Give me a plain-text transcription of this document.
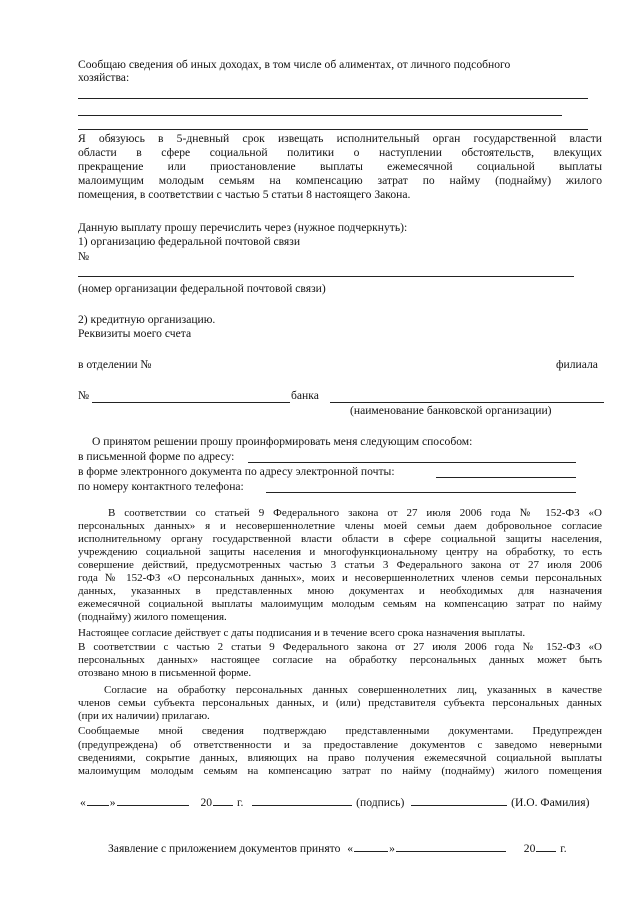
Сообщаю сведения об иных доходах, в том числе об алиментах, от личного подсобного
хозяйства:
Я обязуюсь в 5-дневный срок извещать исполнительный орган государственной власти
области в сфере социальной политики о наступлении обстоятельств, влекущих
прекращение или приостановление выплаты ежемесячной социальной выплаты
малоимущим молодым семьям на компенсацию затрат по найму (поднайму) жилого
помещения, в соответствии с частью 5 статьи 8 настоящего Закона.
Данную выплату прошу перечислить через (нужное подчеркнуть):
1) организацию федеральной почтовой связи
№
(номер организации федеральной почтовой связи)
2) кредитную организацию.
Реквизиты моего счета
в отделении №	филиала
№	банка
(наименование банковской организации)
О принятом решении прошу проинформировать меня следующим способом:
в письменной форме по адресу:
в форме электронного документа по адресу электронной почты:
по номеру контактного телефона:
В соответствии со статьей 9 Федерального закона от 27 июля 2006 года № 152-ФЗ «О
персональных данных» я и несовершеннолетние члены моей семьи даем добровольное согласие
исполнительному органу государственной власти области в сфере социальной защиты населения,
учреждению социальной защиты населения и многофункциональному центру на обработку, то есть
совершение действий, предусмотренных частью 3 статьи 3 Федерального закона от 27 июля 2006
года № 152-ФЗ «О персональных данных», моих и несовершеннолетних членов семьи персональных
данных, указанных в представленных мною документах и необходимых для назначения
ежемесячной социальной выплаты малоимущим молодым семьям на компенсацию затрат по найму
(поднайму) жилого помещения.
Настоящее согласие действует с даты подписания и в течение всего срока назначения выплаты.
В соответствии с частью 2 статьи 9 Федерального закона от 27 июля 2006 года № 152-ФЗ «О
персональных данных» настоящее согласие на обработку персональных данных может быть
отозвано мною в письменной форме.
Согласие на обработку персональных данных совершеннолетних лиц, указанных в качестве
членов семьи субъекта персональных данных, и (или) представителя субъекта персональных данных
(при их наличии) прилагаю.
Сообщаемые мной сведения подтверждаю представленными документами. Предупрежден
(предупреждена) об ответственности и за предоставление документов с заведомо неверными
сведениями, сокрытие данных, влияющих на право получения ежемесячной социальной выплаты
малоимущим молодым семьям на компенсацию затрат по найму (поднайму) жилого помещения
« »	20 г.	(подпись)	(И.О. Фамилия)
Заявление с приложением документов принято «	»	20 г.
